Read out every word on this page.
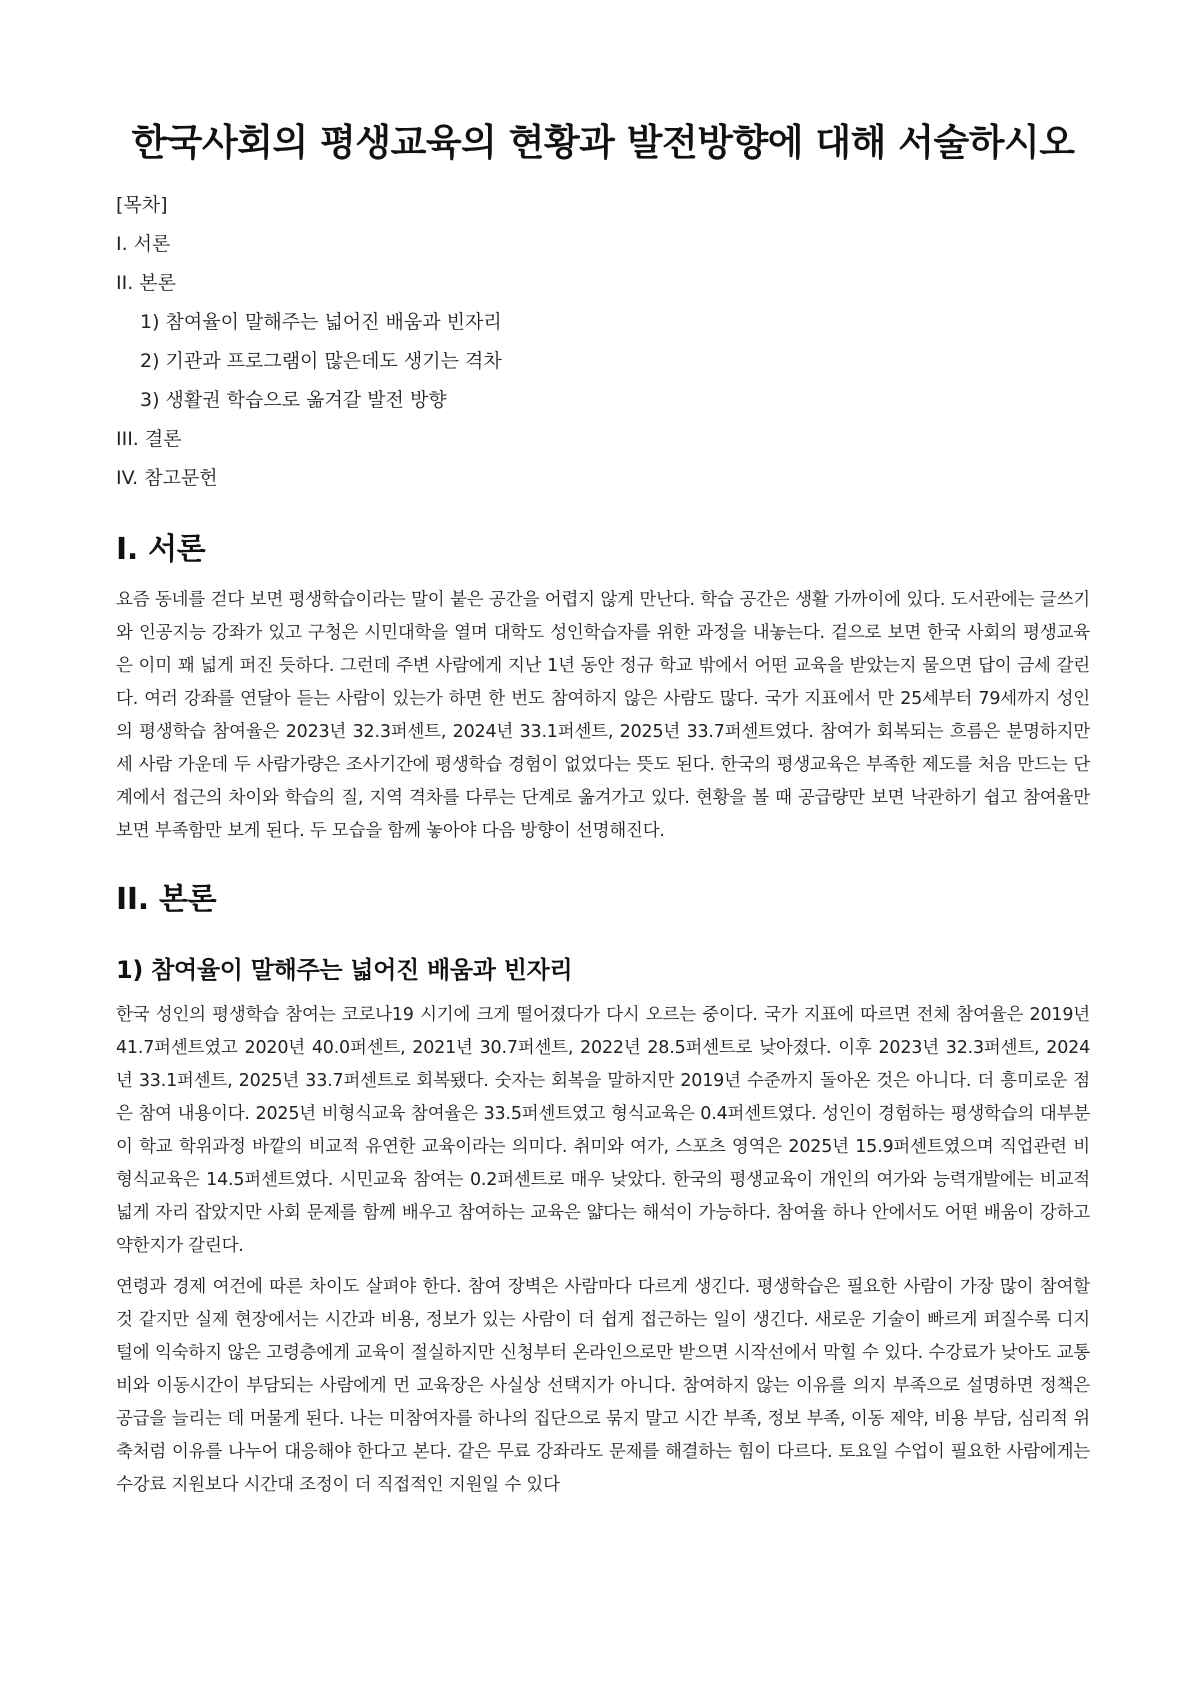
한국사회의 평생교육의 현황과 발전방향에 대해 서술하시오
[목차]
I. 서론
II. 본론
1) 참여율이 말해주는 넓어진 배움과 빈자리
2) 기관과 프로그램이 많은데도 생기는 격차
3) 생활권 학습으로 옮겨갈 발전 방향
III. 결론
IV. 참고문헌
I. 서론

요즘 동네를 걷다 보면 평생학습이라는 말이 붙은 공간을 어렵지 않게 만난다. 학습 공간은 생활 가까이에 있다. 도서관에는 글쓰기와 인공지능 강좌가 있고 구청은 시민대학을 열며 대학도 성인학습자를 위한 과정을 내놓는다. 겉으로 보면 한국 사회의 평생교육은 이미 꽤 넓게 퍼진 듯하다. 그런데 주변 사람에게 지난 1년 동안 정규 학교 밖에서 어떤 교육을 받았는지 물으면 답이 금세 갈린다. 여러 강좌를 연달아 듣는 사람이 있는가 하면 한 번도 참여하지 않은 사람도 많다. 국가 지표에서 만 25세부터 79세까지 성인의 평생학습 참여율은 2023년 32.3퍼센트, 2024년 33.1퍼센트, 2025년 33.7퍼센트였다. 참여가 회복되는 흐름은 분명하지만 세 사람 가운데 두 사람가량은 조사기간에 평생학습 경험이 없었다는 뜻도 된다. 한국의 평생교육은 부족한 제도를 처음 만드는 단계에서 접근의 차이와 학습의 질, 지역 격차를 다루는 단계로 옮겨가고 있다. 현황을 볼 때 공급량만 보면 낙관하기 쉽고 참여율만 보면 부족함만 보게 된다. 두 모습을 함께 놓아야 다음 방향이 선명해진다.

II. 본론
1) 참여율이 말해주는 넓어진 배움과 빈자리

한국 성인의 평생학습 참여는 코로나19 시기에 크게 떨어졌다가 다시 오르는 중이다. 국가 지표에 따르면 전체 참여율은 2019년 41.7퍼센트였고 2020년 40.0퍼센트, 2021년 30.7퍼센트, 2022년 28.5퍼센트로 낮아졌다. 이후 2023년 32.3퍼센트, 2024년 33.1퍼센트, 2025년 33.7퍼센트로 회복됐다. 숫자는 회복을 말하지만 2019년 수준까지 돌아온 것은 아니다. 더 흥미로운 점은 참여 내용이다. 2025년 비형식교육 참여율은 33.5퍼센트였고 형식교육은 0.4퍼센트였다. 성인이 경험하는 평생학습의 대부분이 학교 학위과정 바깥의 비교적 유연한 교육이라는 의미다. 취미와 여가, 스포츠 영역은 2025년 15.9퍼센트였으며 직업관련 비형식교육은 14.5퍼센트였다. 시민교육 참여는 0.2퍼센트로 매우 낮았다. 한국의 평생교육이 개인의 여가와 능력개발에는 비교적 넓게 자리 잡았지만 사회 문제를 함께 배우고 참여하는 교육은 얇다는 해석이 가능하다. 참여율 하나 안에서도 어떤 배움이 강하고 약한지가 갈린다.

연령과 경제 여건에 따른 차이도 살펴야 한다. 참여 장벽은 사람마다 다르게 생긴다. 평생학습은 필요한 사람이 가장 많이 참여할 것 같지만 실제 현장에서는 시간과 비용, 정보가 있는 사람이 더 쉽게 접근하는 일이 생긴다. 새로운 기술이 빠르게 퍼질수록 디지털에 익숙하지 않은 고령층에게 교육이 절실하지만 신청부터 온라인으로만 받으면 시작선에서 막힐 수 있다. 수강료가 낮아도 교통비와 이동시간이 부담되는 사람에게 먼 교육장은 사실상 선택지가 아니다. 참여하지 않는 이유를 의지 부족으로 설명하면 정책은 공급을 늘리는 데 머물게 된다. 나는 미참여자를 하나의 집단으로 묶지 말고 시간 부족, 정보 부족, 이동 제약, 비용 부담, 심리적 위축처럼 이유를 나누어 대응해야 한다고 본다. 같은 무료 강좌라도 문제를 해결하는 힘이 다르다. 토요일 수업이 필요한 사람에게는 수강료 지원보다 시간대 조정이 더 직접적인 지원일 수 있다
